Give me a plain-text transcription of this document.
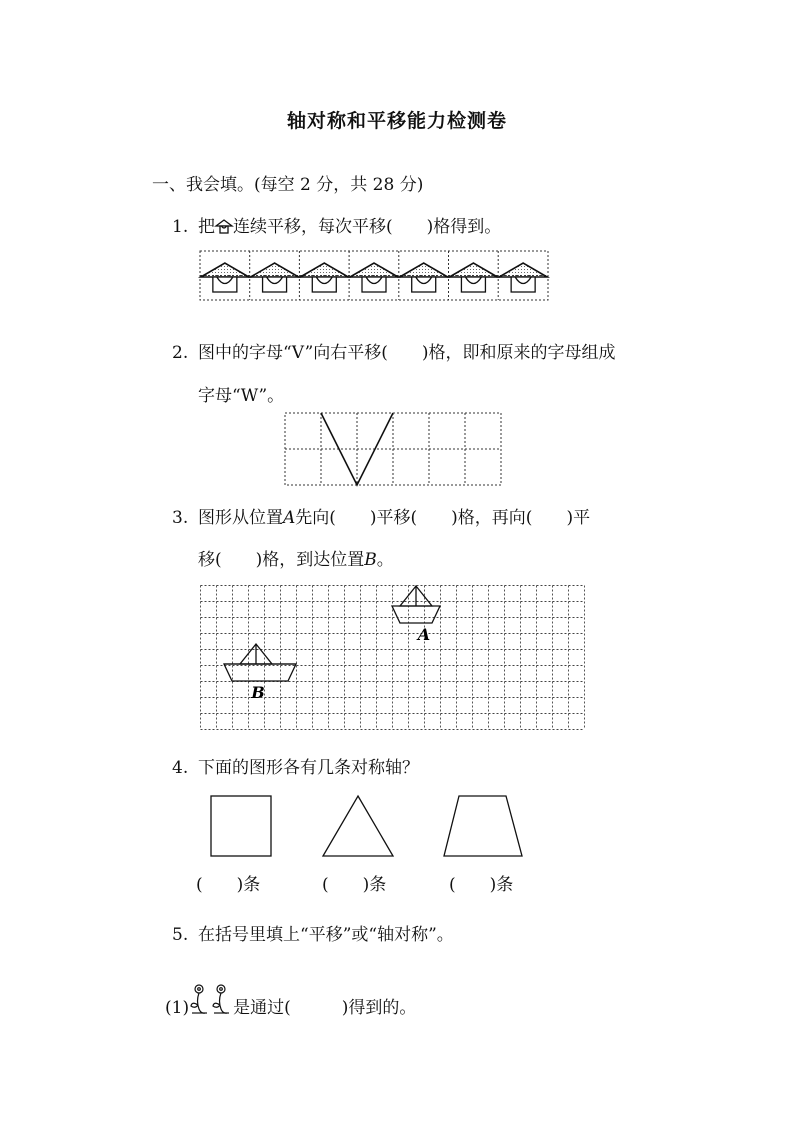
轴对称和平移能力检测卷
一、我会填。(每空 2 分，共 28 分)
1. 把 连续平移，每次平移(　　)格得到。
2. 图中的字母“V”向右平移(　　)格，即和原来的字母组成
字母“W”。
3. 图形从位置A先向(　　)平移(　　)格，再向(　　)平
移(　　)格，到达位置B。
A
B
4. 下面的图形各有几条对称轴？
(　　)条	(　　)条	(　　)条
5. 在括号里填上“平移”或“轴对称”。
(1)	是通过(　　　)得到的。
